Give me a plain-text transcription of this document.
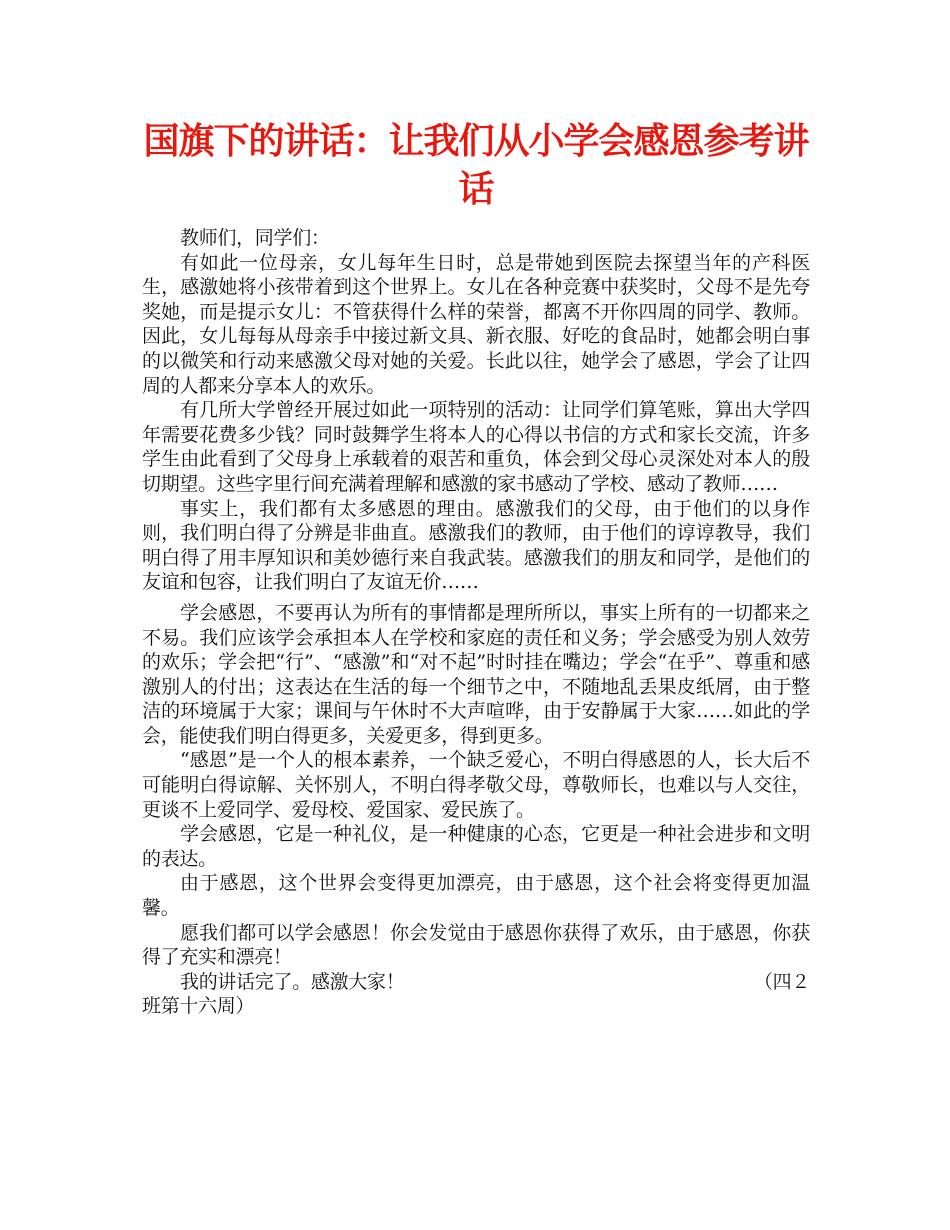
国旗下的讲话：让我们从小学会感恩参考讲话

教师们，同学们：

有如此一位母亲，女儿每年生日时，总是带她到医院去探望当年的产科医生，感激她将小孩带着到这个世界上。女儿在各种竞赛中获奖时，父母不是先夸奖她，而是提示女儿：不管获得什么样的荣誉，都离不开你四周的同学、教师。因此，女儿每每从母亲手中接过新文具、新衣服、好吃的食品时，她都会明白事的以微笑和行动来感激父母对她的关爱。长此以往，她学会了感恩，学会了让四周的人都来分享本人的欢乐。

有几所大学曾经开展过如此一项特别的活动：让同学们算笔账，算出大学四年需要花费多少钱？同时鼓舞学生将本人的心得以书信的方式和家长交流，许多学生由此看到了父母身上承载着的艰苦和重负，体会到父母心灵深处对本人的殷切期望。这些字里行间充满着理解和感激的家书感动了学校、感动了教师……

事实上，我们都有太多感恩的理由。感激我们的父母，由于他们的以身作则，我们明白得了分辨是非曲直。感激我们的教师，由于他们的谆谆教导，我们明白得了用丰厚知识和美妙德行来自我武装。感激我们的朋友和同学，是他们的友谊和包容，让我们明白了友谊无价……

学会感恩，不要再认为所有的事情都是理所所以，事实上所有的一切都来之不易。我们应该学会承担本人在学校和家庭的责任和义务；学会感受为别人效劳的欢乐；学会把“行”、“感激”和“对不起”时时挂在嘴边；学会“在乎”、尊重和感激别人的付出；这表达在生活的每一个细节之中，不随地乱丢果皮纸屑，由于整洁的环境属于大家；课间与午休时不大声喧哗，由于安静属于大家……如此的学会，能使我们明白得更多，关爱更多，得到更多。

“感恩”是一个人的根本素养，一个缺乏爱心，不明白得感恩的人，长大后不可能明白得谅解、关怀别人，不明白得孝敬父母，尊敬师长，也难以与人交往，更谈不上爱同学、爱母校、爱国家、爱民族了。

学会感恩，它是一种礼仪，是一种健康的心态，它更是一种社会进步和文明的表达。

由于感恩，这个世界会变得更加漂亮，由于感恩，这个社会将变得更加温馨。

愿我们都可以学会感恩！你会发觉由于感恩你获得了欢乐，由于感恩，你获得了充实和漂亮！

（四２
我的讲话完了。感激大家！

班第十六周）
